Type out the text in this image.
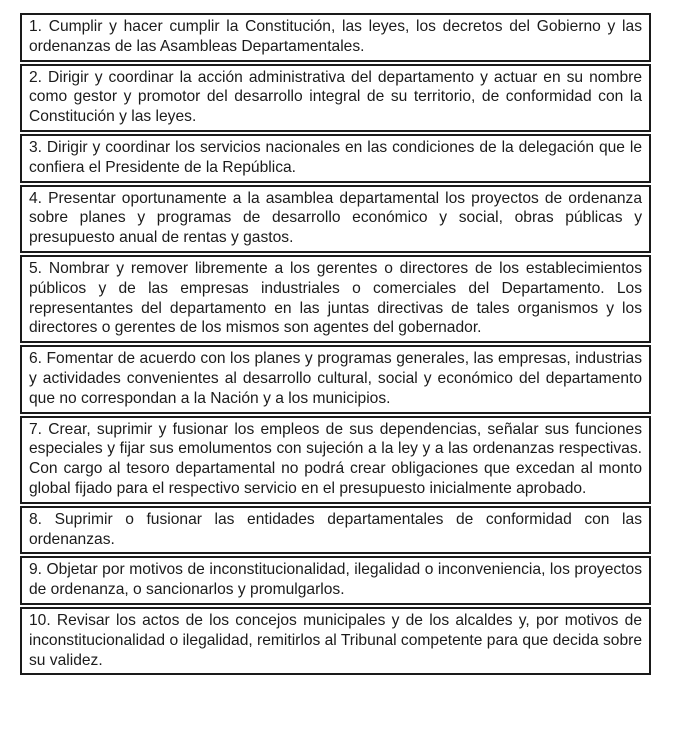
1. Cumplir y hacer cumplir la Constitución, las leyes, los decretos del Gobierno y las ordenanzas de las Asambleas Departamentales.

2. Dirigir y coordinar la acción administrativa del departamento y actuar en su nombre como gestor y promotor del desarrollo integral de su territorio, de conformidad con la Constitución y las leyes.

3. Dirigir y coordinar los servicios nacionales en las condiciones de la delegación que le confiera el Presidente de la República.

4. Presentar oportunamente a la asamblea departamental los proyectos de ordenanza sobre planes y programas de desarrollo económico y social, obras públicas y presupuesto anual de rentas y gastos.

5. Nombrar y remover libremente a los gerentes o directores de los establecimientos públicos y de las empresas industriales o comerciales del Departamento. Los representantes del departamento en las juntas directivas de tales organismos y los directores o gerentes de los mismos son agentes del gobernador.

6. Fomentar de acuerdo con los planes y programas generales, las empresas, industrias y actividades convenientes al desarrollo cultural, social y económico del departamento que no correspondan a la Nación y a los municipios.

7. Crear, suprimir y fusionar los empleos de sus dependencias, señalar sus funciones especiales y fijar sus emolumentos con sujeción a la ley y a las ordenanzas respectivas. Con cargo al tesoro departamental no podrá crear obligaciones que excedan al monto global fijado para el respectivo servicio en el presupuesto inicialmente aprobado.

8. Suprimir o fusionar las entidades departamentales de conformidad con las ordenanzas.

9. Objetar por motivos de inconstitucionalidad, ilegalidad o inconveniencia, los proyectos de ordenanza, o sancionarlos y promulgarlos.

10. Revisar los actos de los concejos municipales y de los alcaldes y, por motivos de inconstitucionalidad o ilegalidad, remitirlos al Tribunal competente para que decida sobre su validez.
